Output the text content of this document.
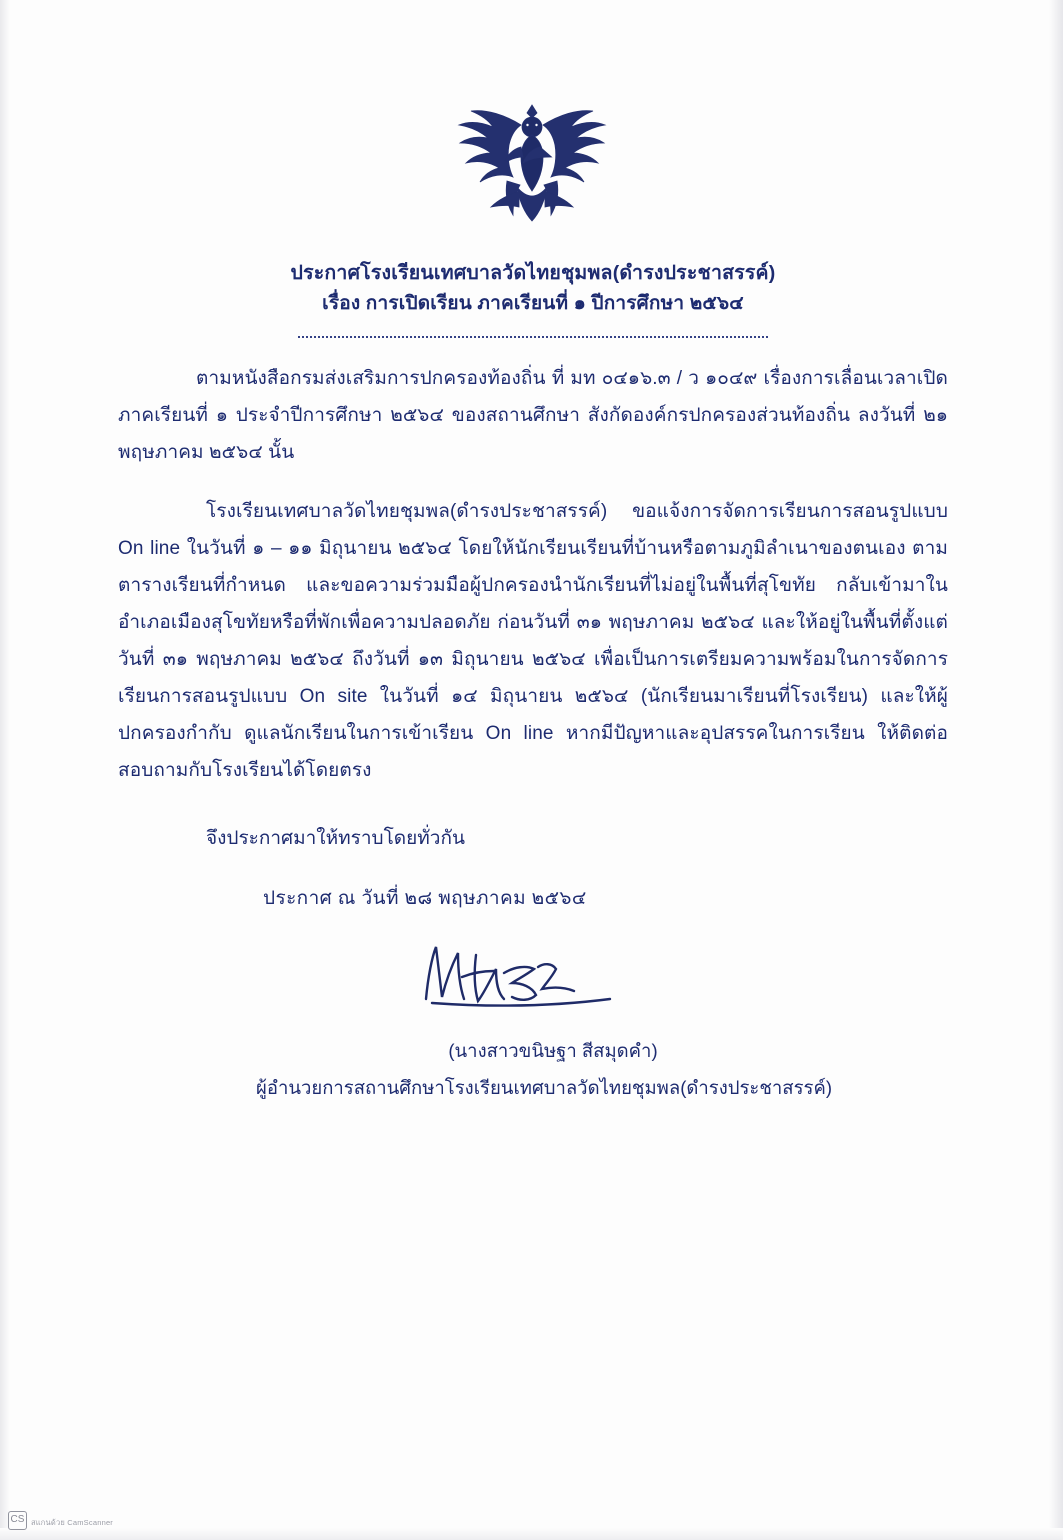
ประกาศโรงเรียนเทศบาลวัดไทยชุมพล(ดำรงประชาสรรค์)
เรื่อง การเปิดเรียน ภาคเรียนที่ ๑ ปีการศึกษา ๒๕๖๔

ตามหนังสือกรมส่งเสริมการปกครองท้องถิ่น ที่ มท ๐๔๑๖.๓ / ว ๑๐๔๙ เรื่องการเลื่อนเวลาเปิดภาคเรียนที่ ๑ ประจำปีการศึกษา ๒๕๖๔ ของสถานศึกษา สังกัดองค์กรปกครองส่วนท้องถิ่น ลงวันที่ ๒๑ พฤษภาคม ๒๕๖๔ นั้น

โรงเรียนเทศบาลวัดไทยชุมพล(ดำรงประชาสรรค์) ขอแจ้งการจัดการเรียนการสอนรูปแบบ On line ในวันที่ ๑ – ๑๑ มิถุนายน ๒๕๖๔ โดยให้นักเรียนเรียนที่บ้านหรือตามภูมิลำเนาของตนเอง ตามตารางเรียนที่กำหนด และขอความร่วมมือผู้ปกครองนำนักเรียนที่ไม่อยู่ในพื้นที่สุโขทัย กลับเข้ามาในอำเภอเมืองสุโขทัยหรือที่พักเพื่อความปลอดภัย ก่อนวันที่ ๓๑ พฤษภาคม ๒๕๖๔ และให้อยู่ในพื้นที่ตั้งแต่วันที่ ๓๑ พฤษภาคม ๒๕๖๔ ถึงวันที่ ๑๓ มิถุนายน ๒๕๖๔ เพื่อเป็นการเตรียมความพร้อมในการจัดการเรียนการสอนรูปแบบ On site ในวันที่ ๑๔ มิถุนายน ๒๕๖๔ (นักเรียนมาเรียนที่โรงเรียน) และให้ผู้ปกครองกำกับ ดูแลนักเรียนในการเข้าเรียน On line หากมีปัญหาและอุปสรรคในการเรียน ให้ติดต่อสอบถามกับโรงเรียนได้โดยตรง

จึงประกาศมาให้ทราบโดยทั่วกัน
ประกาศ ณ วันที่ ๒๘ พฤษภาคม ๒๕๖๔
(นางสาวขนิษฐา สีสมุดคำ)
ผู้อำนวยการสถานศึกษาโรงเรียนเทศบาลวัดไทยชุมพล(ดำรงประชาสรรค์)
CS สแกนด้วย CamScanner
